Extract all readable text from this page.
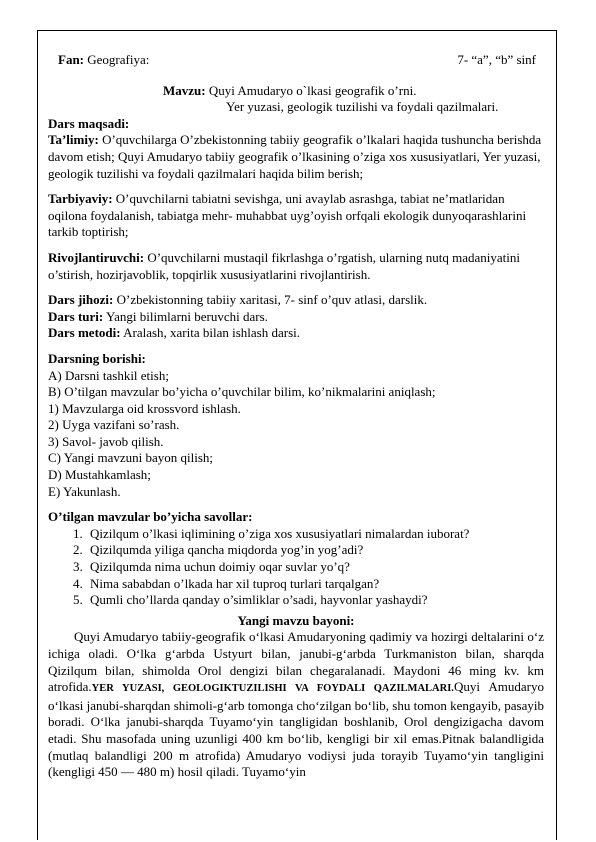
Fan: Geografiya:	7- “a”, “b” sinf
Mavzu: Quyi Amudaryo o`lkasi geografik o’rni.
Yer yuzasi, geologik tuzilishi va foydali qazilmalari.

Dars maqsadi:

Ta’limiy: O’quvchilarga O’zbekistonning tabiiy geografik o’lkalari haqida tushuncha berishda davom etish; Quyi Amudaryo tabiiy geografik o’lkasining o’ziga xos xususiyatlari, Yer yuzasi, geologik tuzilishi va foydali qazilmalari haqida bilim berish;

Tarbiyaviy: O’quvchilarni tabiatni sevishga, uni avaylab asrashga, tabiat ne’matlaridan oqilona foydalanish, tabiatga mehr- muhabbat uyg’oyish orfqali ekologik dunyoqarashlarini tarkib toptirish;

Rivojlantiruvchi: O’quvchilarni mustaqil fikrlashga o’rgatish, ularning nutq madaniyatini o’stirish, hozirjavoblik, topqirlik xususiyatlarini rivojlantirish.

Dars jihozi: O’zbekistonning tabiiy xaritasi, 7- sinf o’quv atlasi, darslik.

Dars turi: Yangi bilimlarni beruvchi dars.

Dars metodi: Aralash, xarita bilan ishlash darsi.

Darsning borishi:

A) Darsni tashkil etish;

B) O’tilgan mavzular bo’yicha o’quvchilar bilim, ko’nikmalarini aniqlash;

1) Mavzularga oid krossvord ishlash.

2) Uyga vazifani so’rash.

3) Savol- javob qilish.

C) Yangi mavzuni bayon qilish;

D) Mustahkamlash;

E) Yakunlash.

O’tilgan mavzular bo’yicha savollar:

1. Qizilqum o’lkasi iqlimining o’ziga xos xususiyatlari nimalardan iuborat?
2. Qizilqumda yiliga qancha miqdorda yog’in yog’adi?
3. Qizilqumda nima uchun doimiy oqar suvlar yo’q?
4. Nima sababdan o’lkada har xil tuproq turlari tarqalgan?
5. Qumli cho’llarda qanday o’simliklar o’sadi, hayvonlar yashaydi?

Yangi mavzu bayoni:

Quyi Amudaryo tabiiy-geografik o‘lkasi Amudaryoning qadimiy va hozirgi deltalarini o‘z ichiga oladi. O‘lka g‘arbda Ustyurt bilan, janubi-g‘arbda Turkmaniston bilan, sharqda Qizilqum bilan, shimolda Orol dengizi bilan chegaralanadi. Maydoni 46 ming kv. km atrofida.YER YUZASI, GEOLOGIKTUZILISHI VA FOYDALI QAZILMALARI.Quyi Amudaryo o‘lkasi janubi-sharqdan shimoli-g‘arb tomonga cho‘zilgan bo‘lib, shu tomon kengayib, pasayib boradi. O‘lka janubi-sharqda Tuyamo‘yin tangligidan boshlanib, Orol dengizigacha davom etadi. Shu masofada uning uzunligi 400 km bo‘lib, kengligi bir xil emas.Pitnak balandligida (mutlaq balandligi 200 m atrofida) Amudaryo vodiysi juda torayib Tuyamo‘yin tangligini (kengligi 450 — 480 m) hosil qiladi. Tuyamo‘yin
